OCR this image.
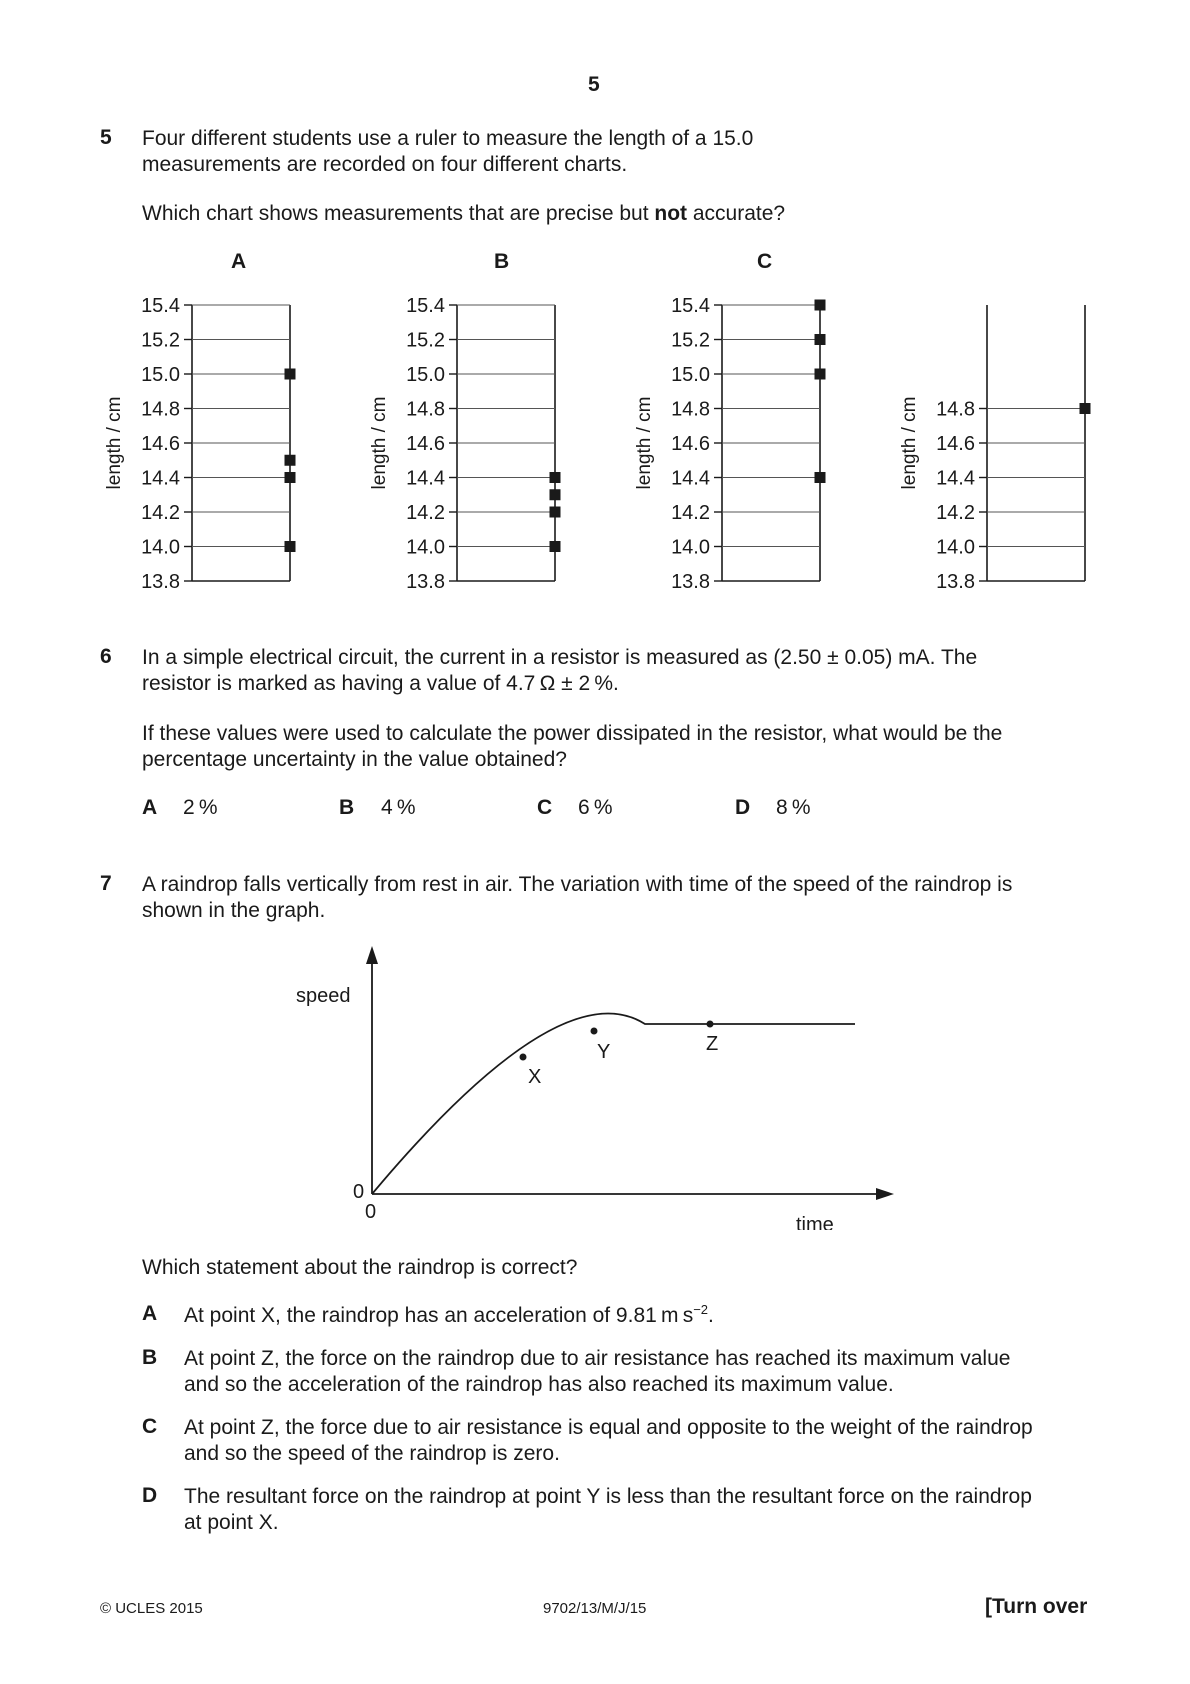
5
5 Four different students use a ruler to measure the length of a 15.0
measurements are recorded on four different charts.
Which chart shows measurements that are precise but not accurate?
A	B	C
15.4
15.2
15.0
14.8
14.6
14.4
14.2
14.0
13.8
length / cm
15.4
15.2
15.0
14.8
14.6
14.4
14.2
14.0
13.8
length / cm
15.4
15.2
15.0
14.8
14.6
14.4
14.2
14.0
13.8
length / cm	14.8
14.6
14.4
14.2
14.0
13.8
length / cm
6 In a simple electrical circuit, the current in a resistor is measured as (2.50 ± 0.05) mA. The
resistor is marked as having a value of 4.7 Ω ± 2 %.
If these values were used to calculate the power dissipated in the resistor, what would be the
percentage uncertainty in the value obtained?
A 2 %	B 4 %	C 6 %	D 8 %
7 A raindrop falls vertically from rest in air. The variation with time of the speed of the raindrop is
shown in the graph.
X
Y	Z
speed
time
0
0
Which statement about the raindrop is correct?
A At point X, the raindrop has an acceleration of 9.81 m $s^{-2}$.
B At point Z, the force on the raindrop due to air resistance has reached its maximum value
and so the acceleration of the raindrop has also reached its maximum value.
C At point Z, the force due to air resistance is equal and opposite to the weight of the raindrop
and so the speed of the raindrop is zero.
D The resultant force on the raindrop at point Y is less than the resultant force on the raindrop
at point X.
© UCLES 2015	9702/13/M/J/15	[Turn over
